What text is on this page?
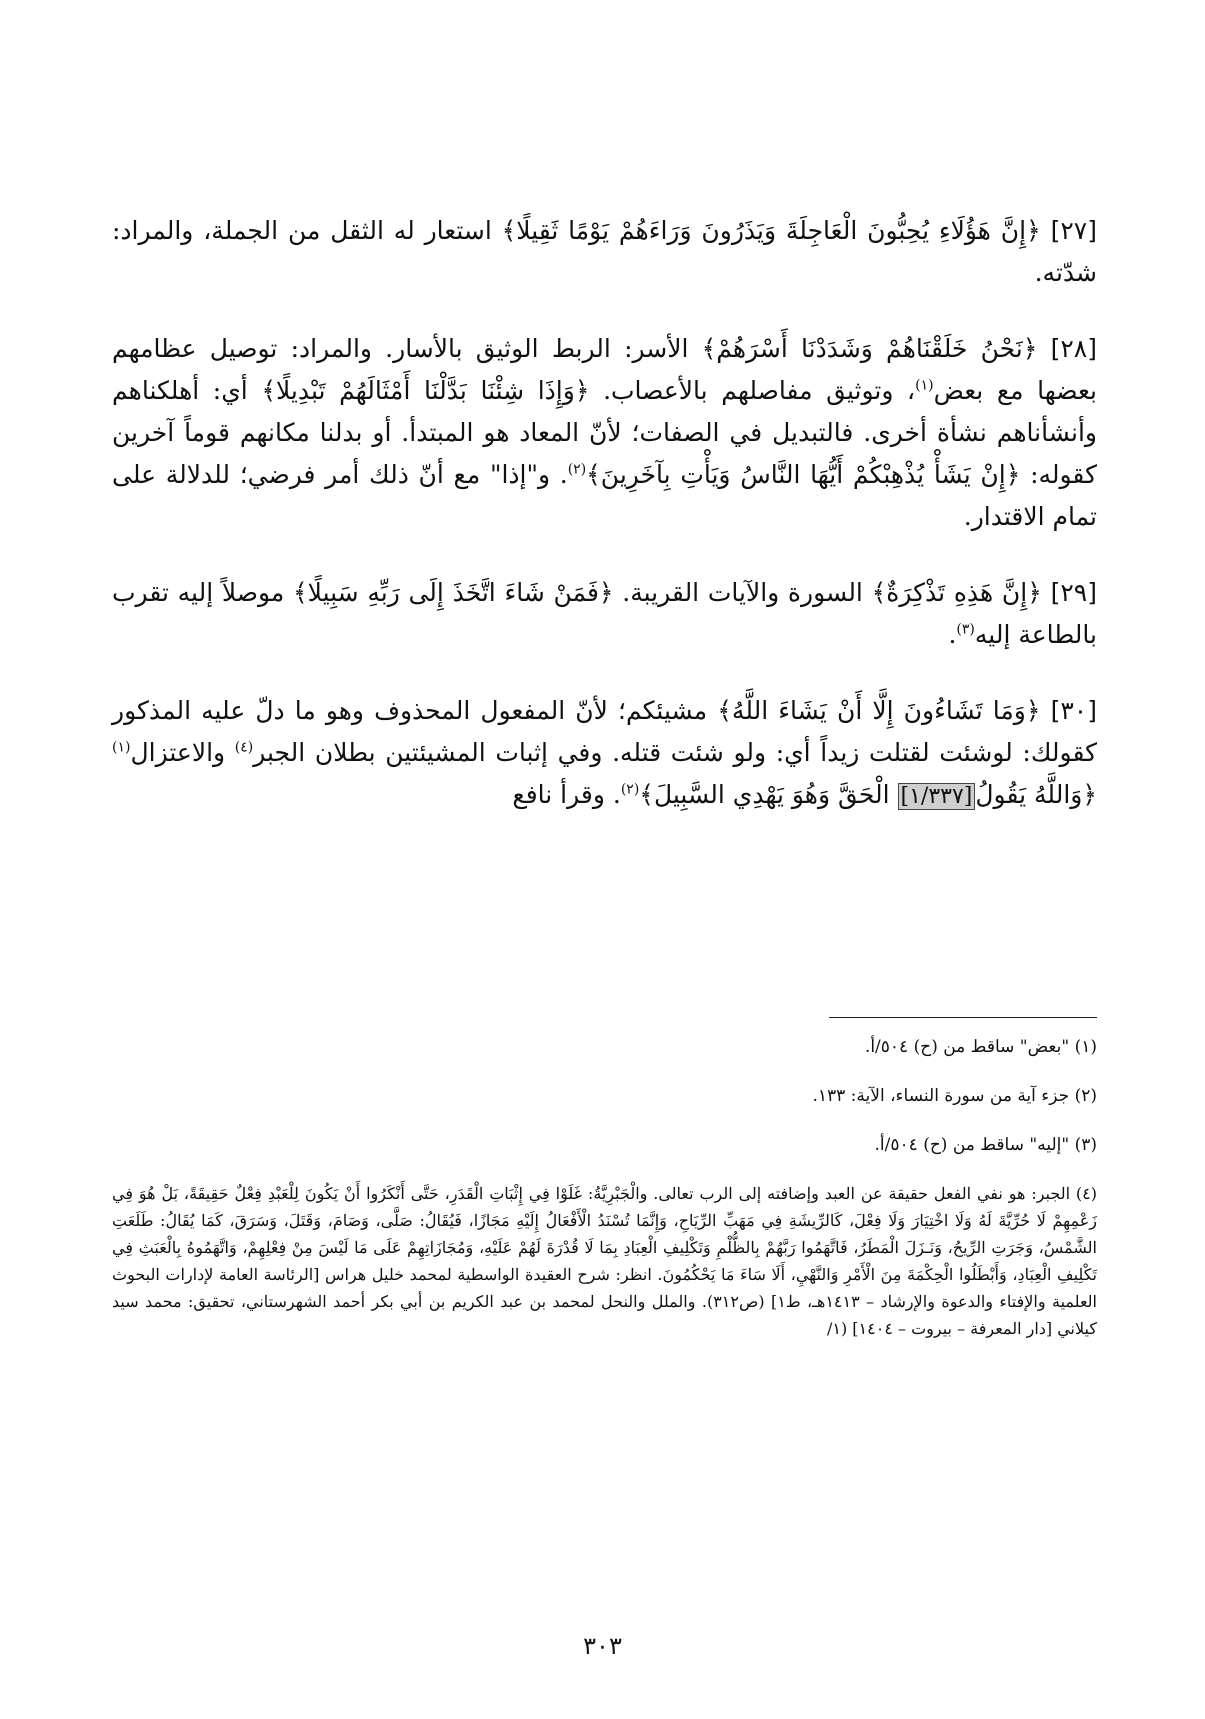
[٢٧] ﴿إِنَّ هَؤُلَاءِ يُحِبُّونَ الْعَاجِلَةَ وَيَذَرُونَ وَرَاءَهُمْ يَوْمًا ثَقِيلًا﴾ استعار له الثقل من الجملة، والمراد: شدّته.

[٢٨] ﴿نَحْنُ خَلَقْنَاهُمْ وَشَدَدْنَا أَسْرَهُمْ﴾ الأسر: الربط الوثيق بالأسار. والمراد: توصيل عظامهم بعضها مع بعض$^{(١)}$، وتوثيق مفاصلهم بالأعصاب. ﴿وَإِذَا شِئْنَا بَدَّلْنَا أَمْثَالَهُمْ تَبْدِيلًا﴾ أي: أهلكناهم وأنشأناهم نشأة أخرى. فالتبديل في الصفات؛ لأنّ المعاد هو المبتدأ. أو بدلنا مكانهم قوماً آخرين كقوله: ﴿إِنْ يَشَأْ يُذْهِبْكُمْ أَيُّهَا النَّاسُ وَيَأْتِ بِآخَرِينَ﴾$^{(٢)}$. و"إذا" مع أنّ ذلك أمر فرضي؛ للدلالة على تمام الاقتدار.

[٢٩] ﴿إِنَّ هَذِهِ تَذْكِرَةٌ﴾ السورة والآيات القريبة. ﴿فَمَنْ شَاءَ اتَّخَذَ إِلَى رَبِّهِ سَبِيلًا﴾ موصلاً إليه تقرب بالطاعة إليه$^{(٣)}$.

[٣٠] ﴿وَمَا تَشَاءُونَ إِلَّا أَنْ يَشَاءَ اللَّهُ﴾ مشيئكم؛ لأنّ المفعول المحذوف وهو ما دلّ عليه المذكور كقولك: لوشئت لقتلت زيداً أي: ولو شئت قتله. وفي إثبات المشيئتين بطلان الجبر$^{(٤)}$ والاعتزال$^{(١)}$﴿وَاللَّهُ يَقُولُ[١/٣٣٧] الْحَقَّ وَهُوَ يَهْدِي السَّبِيلَ﴾$^{(٢)}$. وقرأ نافع

(١) "بعض" ساقط من (ح) ٥٠٤/أ.

(٢) جزء آية من سورة النساء، الآية: ١٣٣.

(٣) "إليه" ساقط من (ح) ٥٠٤/أ.

(٤) الجبر: هو نفي الفعل حقيقة عن العبد وإضافته إلى الرب تعالى. والْجَبْرِيَّةُ: غَلَوْا فِي إِثْبَاتِ الْقَدَرِ، حَتَّى أَنْكَرُوا أَنْ يَكُونَ لِلْعَبْدِ فِعْلٌ حَقِيقَةً، بَلْ هُوَ فِي زَعْمِهِمْ لَا حُرِّيَّةَ لَهُ وَلَا اخْتِيَارَ وَلَا فِعْلَ، كَالرِّيشَةِ فِي مَهَبِّ الرِّيَاحِ، وَإِنَّمَا تُسْنَدُ الْأَفْعَالُ إِلَيْهِ مَجَازًا، فَيُقَالُ: صَلَّى، وَصَامَ، وَقَتَلَ، وَسَرَقَ، كَمَا يُقَالُ: طَلَعَتِ الشَّمْسُ، وَجَرَتِ الرِّيحُ، وَنَـزَلَ الْمَطَرُ، فَاتَّهَمُوا رَبَّهُمْ بِالظُّلْمِ وَتَكْلِيفِ الْعِبَادِ بِمَا لَا قُدْرَةَ لَهُمْ عَلَيْهِ، وَمُجَازَاتِهِمْ عَلَى مَا لَيْسَ مِنْ فِعْلِهِمْ، وَاتَّهَمُوهُ بِالْعَبَثِ فِي تَكْلِيفِ الْعِبَادِ، وَأَبْطَلُوا الْحِكْمَةَ مِنَ الْأَمْرِ وَالنَّهْيِ، أَلَا سَاءَ مَا يَحْكُمُونَ. انظر: شرح العقيدة الواسطية لمحمد خليل هراس [الرئاسة العامة لإدارات البحوث العلمية والإفتاء والدعوة والإرشاد – ١٤١٣هـ، ط١] (ص٣١٢). والملل والنحل لمحمد بن عبد الكريم بن أبي بكر أحمد الشهرستاني، تحقيق: محمد سيد كيلاني [دار المعرفة – بيروت – ١٤٠٤] (١/

٣٠٣
